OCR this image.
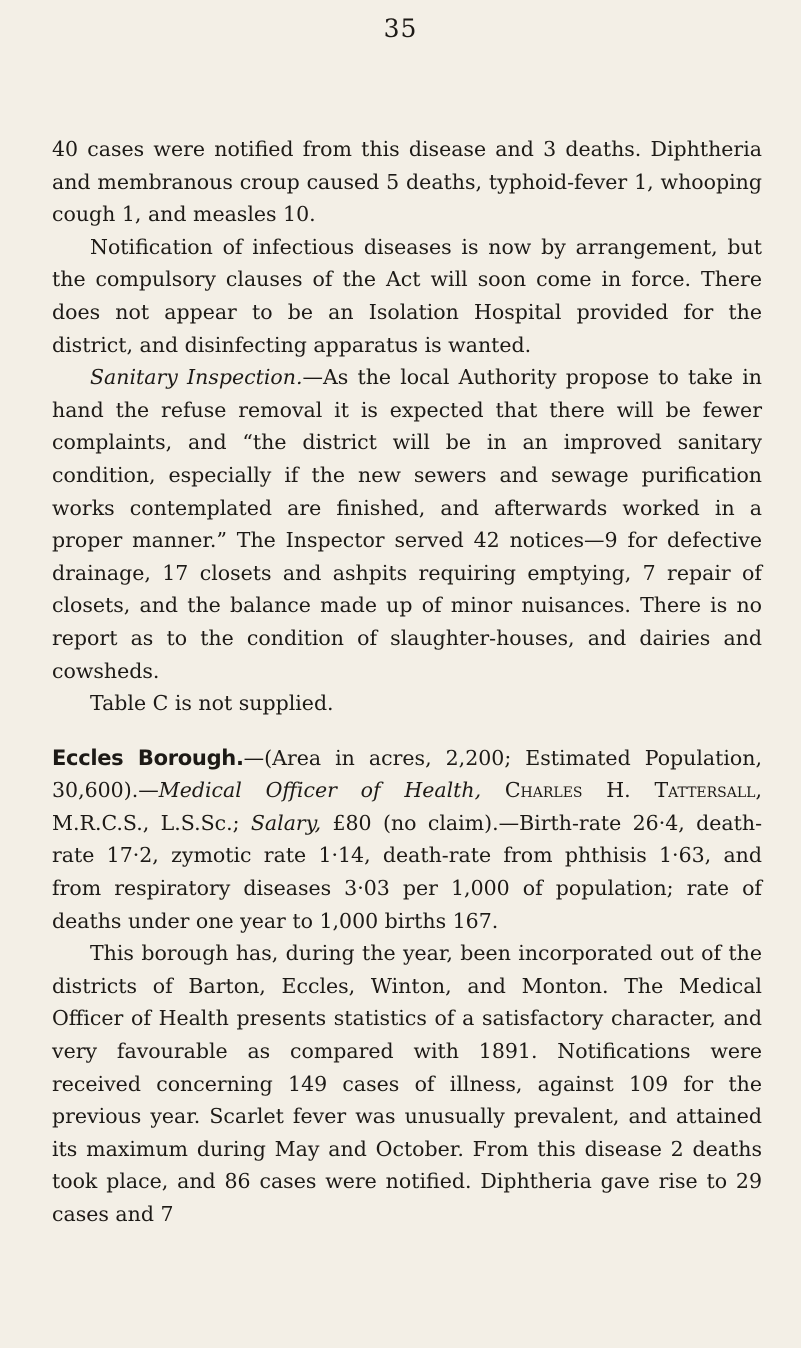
35

40 cases were notified from this disease and 3 deaths. Diphtheria and membranous croup caused 5 deaths, typhoid-fever 1, whooping cough 1, and measles 10.

Notification of infectious diseases is now by arrangement, but the compulsory clauses of the Act will soon come in force. There does not appear to be an Isolation Hospital provided for the district, and disinfecting apparatus is wanted.

Sanitary Inspection.—As the local Authority propose to take in hand the refuse removal it is expected that there will be fewer complaints, and “the district will be in an improved sanitary condition, especially if the new sewers and sewage purification works contemplated are finished, and afterwards worked in a proper manner.” The Inspector served 42 notices—9 for defective drainage, 17 closets and ashpits requiring emptying, 7 repair of closets, and the balance made up of minor nuisances. There is no report as to the condition of slaughter-houses, and dairies and cowsheds.

Table C is not supplied.

Eccles Borough.—(Area in acres, 2,200; Estimated Population, 30,600).—Medical Officer of Health, Charles H. Tattersall, M.R.C.S., L.S.Sc.; Salary, £80 (no claim).—Birth-rate 26·4, death-rate 17·2, zymotic rate 1·14, death-rate from phthisis 1·63, and from respiratory diseases 3·03 per 1,000 of population; rate of deaths under one year to 1,000 births 167.

This borough has, during the year, been incorporated out of the districts of Barton, Eccles, Winton, and Monton. The Medical Officer of Health presents statistics of a satisfactory character, and very favourable as compared with 1891. Notifications were received concerning 149 cases of illness, against 109 for the previous year. Scarlet fever was unusually prevalent, and attained its maximum during May and October. From this disease 2 deaths took place, and 86 cases were notified. Diphtheria gave rise to 29 cases and 7
